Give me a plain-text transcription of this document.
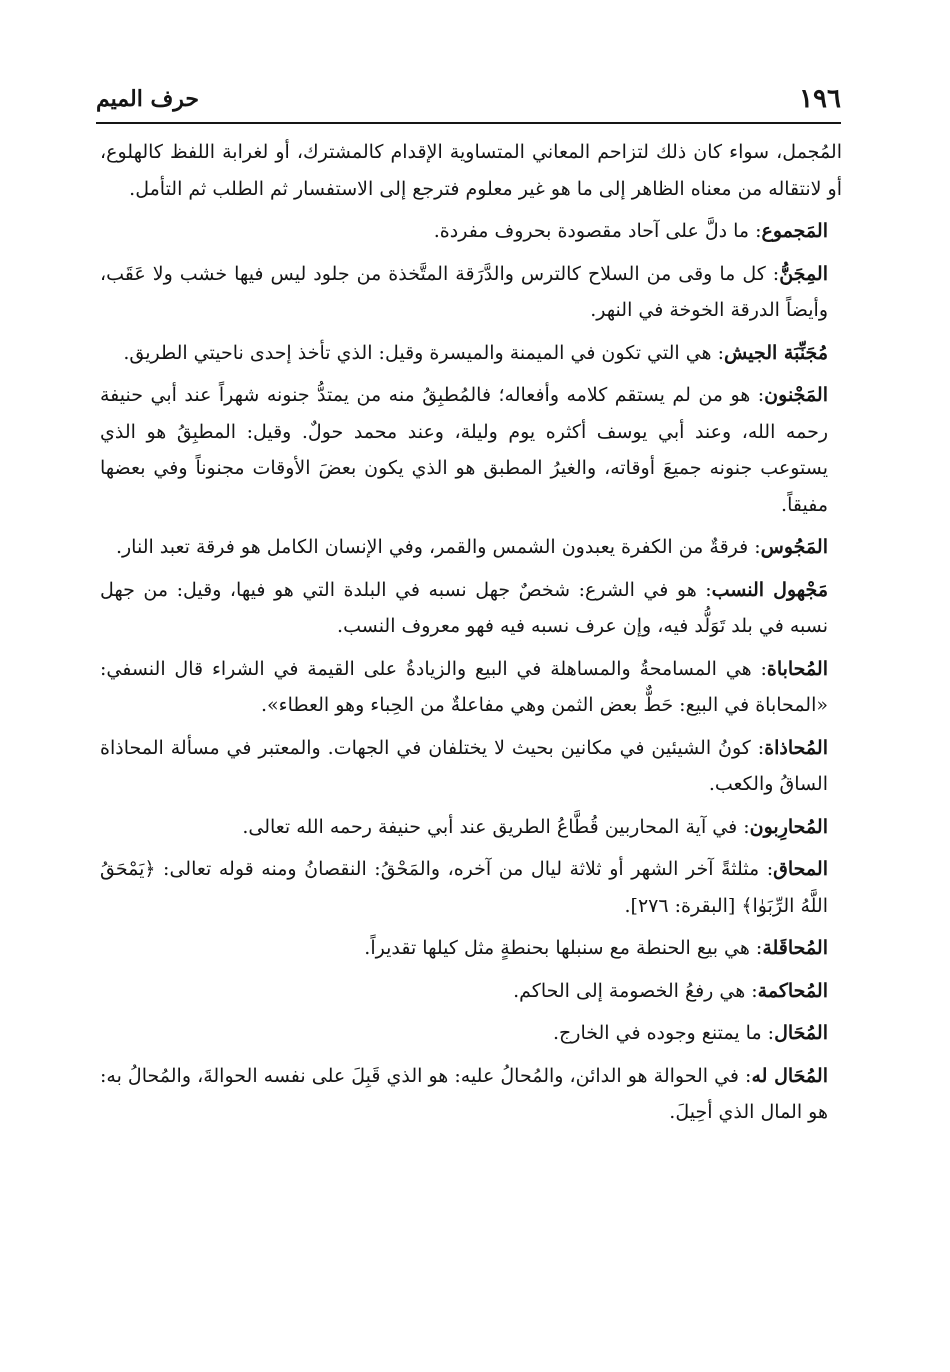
١٩٦
حرف الميم

المُجمل، سواء كان ذلك لتزاحم المعاني المتساوية الإقدام كالمشترك، أو لغرابة اللفظ كالهلوع، أو لانتقاله من معناه الظاهر إلى ما هو غير معلوم فترجع إلى الاستفسار ثم الطلب ثم التأمل.

المَجموع: ما دلَّ على آحاد مقصودة بحروف مفردة.

المِجَنُّ: كل ما وقى من السلاح كالترس والدَّرَقة المتَّخذة من جلود ليس فيها خشب ولا عَقَب، وأيضاً الدرقة الخوخة في النهر.

مُجَنِّبَة الجيش: هي التي تكون في الميمنة والميسرة وقيل: الذي تأخذ إحدى ناحيتي الطريق.

المَجْنون: هو من لم يستقم كلامه وأفعاله؛ فالمُطبِقُ منه من يمتدُّ جنونه شهراً عند أبي حنيفة رحمه الله، وعند أبي يوسف أكثره يوم وليلة، وعند محمد حولٌ. وقيل: المطبِقُ هو الذي يستوعب جنونه جميعَ أوقاته، والغيرُ المطبق هو الذي يكون بعضَ الأوقات مجنوناً وفي بعضها مفيقاً.

المَجُوس: فرقةٌ من الكفرة يعبدون الشمس والقمر، وفي الإنسان الكامل هو فرقة تعبد النار.

مَجْهول النسب: هو في الشرع: شخصٌ جهل نسبه في البلدة التي هو فيها، وقيل: من جهل نسبه في بلد تَوَلُّد فيه، وإن عرف نسبه فيه فهو معروف النسب.

المُحاباة: هي المسامحةُ والمساهلة في البيع والزيادةُ على القيمة في الشراء قال النسفي: «المحاباة في البيع: حَطٌّ بعض الثمن وهي مفاعلةٌ من الحِباء وهو العطاء».

المُحاذاة: كونُ الشيئين في مكانين بحيث لا يختلفان في الجهات. والمعتبر في مسألة المحاذاة الساقُ والكعب.

المُحارِبون: في آية المحاربين قُطَّاعُ الطريق عند أبي حنيفة رحمه الله تعالى.

المحاق: مثلثةً آخر الشهر أو ثلاثة ليال من آخره، والمَحْقُ: النقصانُ ومنه قوله تعالى: ﴿يَمْحَقُ اللَّهُ الرِّبَوٰا﴾ [البقرة: ٢٧٦].

المُحاقَلة: هي بيع الحنطة مع سنبلها بحنطةٍ مثل كيلها تقديراً.

المُحاكمة: هي رفعُ الخصومة إلى الحاكم.

المُحَال: ما يمتنع وجوده في الخارج.

المُحَال له: في الحوالة هو الدائن، والمُحالُ عليه: هو الذي قَبِلَ على نفسه الحوالةَ، والمُحالُ به: هو المال الذي أحِيلَ.
